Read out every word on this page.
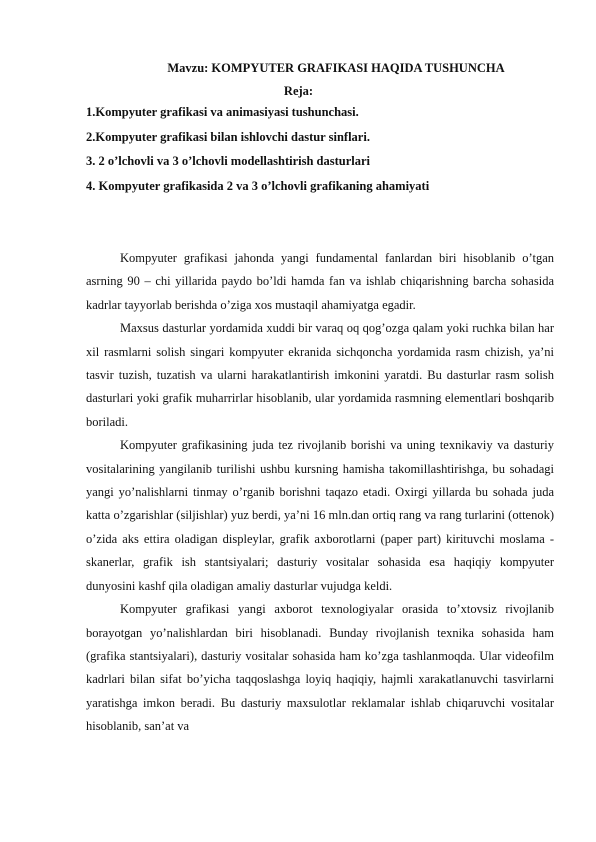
Mavzu: KOMPYUTER GRAFIKASI HAQIDA TUSHUNCHA
Reja:
1.Kompyuter grafikasi va animasiyasi tushunchasi.
2.Kompyuter grafikasi bilan ishlovchi dastur sinflari.
3. 2 o’lchovli va 3 o’lchovli modellashtirish dasturlari
4. Kompyuter grafikasida 2 va 3 o’lchovli grafikaning ahamiyati

Kompyuter grafikasi jahonda yangi fundamental fanlardan biri hisoblanib o’tgan asrning 90 – chi yillarida paydo bo’ldi hamda fan va ishlab chiqarishning barcha sohasida kadrlar tayyorlab berishda o’ziga xos mustaqil ahamiyatga egadir.

Maxsus dasturlar yordamida xuddi bir varaq oq qog’ozga qalam yoki ruchka bilan har xil rasmlarni solish singari kompyuter ekranida sichqoncha yordamida rasm chizish, ya’ni tasvir tuzish, tuzatish va ularni harakatlantirish imkonini yaratdi. Bu dasturlar rasm solish dasturlari yoki grafik muharrirlar hisoblanib, ular yordamida rasmning elementlari boshqarib boriladi.

Kompyuter grafikasining juda tez rivojlanib borishi va uning texnikaviy va dasturiy vositalarining yangilanib turilishi ushbu kursning hamisha takomillashtirishga, bu sohadagi yangi yo’nalishlarni tinmay o’rganib borishni taqazo etadi. Oxirgi yillarda bu sohada juda katta o’zgarishlar (siljishlar) yuz berdi, ya’ni 16 mln.dan ortiq rang va rang turlarini (ottenok) o’zida aks ettira oladigan displeylar, grafik axborotlarni (paper part) kirituvchi moslama - skanerlar, grafik ish stantsiyalari; dasturiy vositalar sohasida esa haqiqiy kompyuter dunyosini kashf qila oladigan amaliy dasturlar vujudga keldi.

Kompyuter grafikasi yangi axborot texnologiyalar orasida to’xtovsiz rivojlanib borayotgan yo’nalishlardan biri hisoblanadi. Bunday rivojlanish texnika sohasida ham (grafika stantsiyalari), dasturiy vositalar sohasida ham ko’zga tashlanmoqda. Ular videofilm kadrlari bilan sifat bo’yicha taqqoslashga loyiq haqiqiy, hajmli xarakatlanuvchi tasvirlarni yaratishga imkon beradi. Bu dasturiy maxsulotlar reklamalar ishlab chiqaruvchi vositalar hisoblanib, san’at va
